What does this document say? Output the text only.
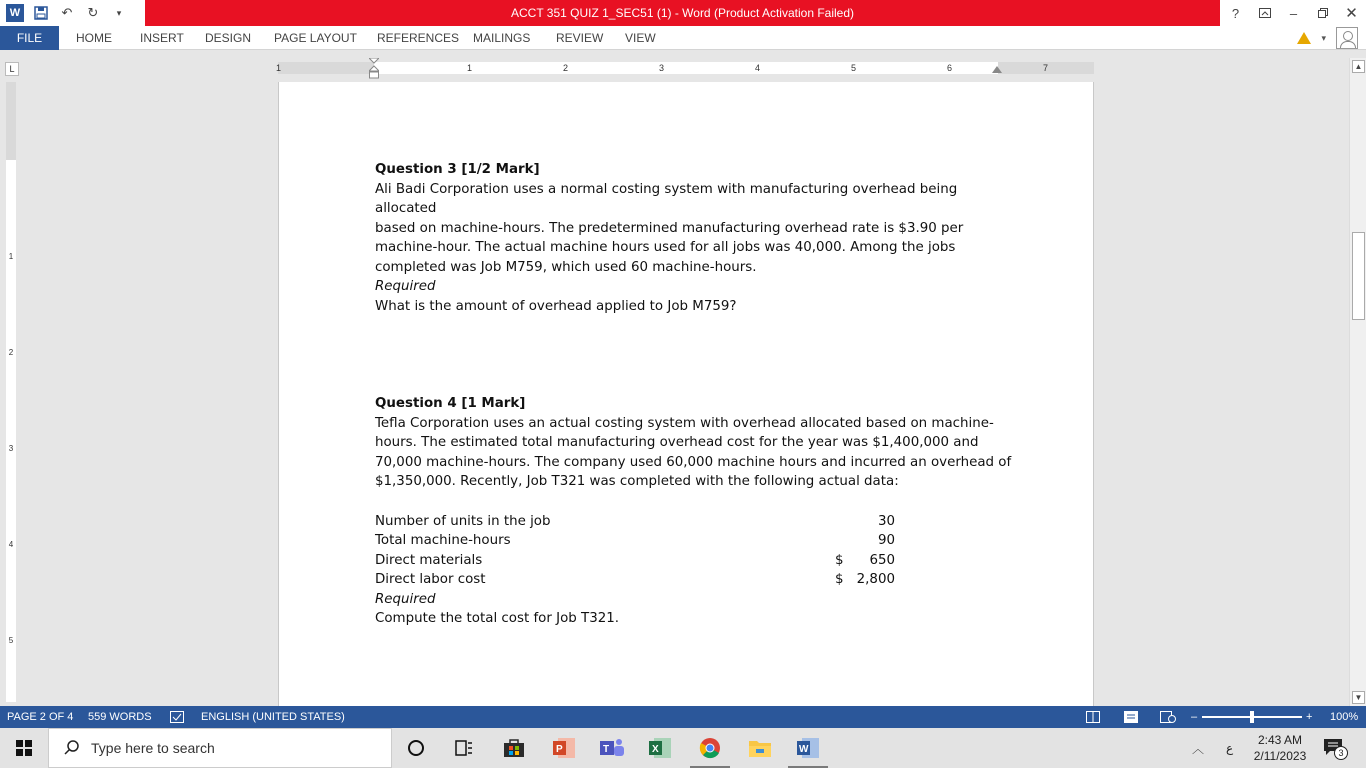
W	↶	↻	▾	ACCT 351 QUIZ 1_SEC51 (1) - Word (Product Activation Failed)	?	–	✕
FILE	HOME INSERT DESIGN PAGE LAYOUT REFERENCES MAILINGS REVIEW VIEW	▾
L	1	1	2	3	4	5	6	7
1
2
3
4
5
Question 3 [1/2 Mark]
Ali Badi Corporation uses a normal costing system with manufacturing overhead being allocated
based on machine-hours. The predetermined manufacturing overhead rate is $3.90 per
machine-hour. The actual machine hours used for all jobs was 40,000. Among the jobs
completed was Job M759, which used 60 machine-hours.
Required
What is the amount of overhead applied to Job M759?
Question 4 [1 Mark]
Tefla Corporation uses an actual costing system with overhead allocated based on machine-
hours. The estimated total manufacturing overhead cost for the year was $1,400,000 and
70,000 machine-hours. The company used 60,000 machine hours and incurred an overhead of
$1,350,000. Recently, Job T321 was completed with the following actual data:
Number of units in the job		30
Total machine-hours		90
Direct materials	$	650
Direct labor cost	$	2,800
Required
Compute the total cost for Job T321.
▲
▼
PAGE 2 OF 4 559 WORDS	ENGLISH (UNITED STATES)	–	+ 100%
Type here to search	P	T	X	W	︿ ع
2:43 AM
2/11/2023	3
